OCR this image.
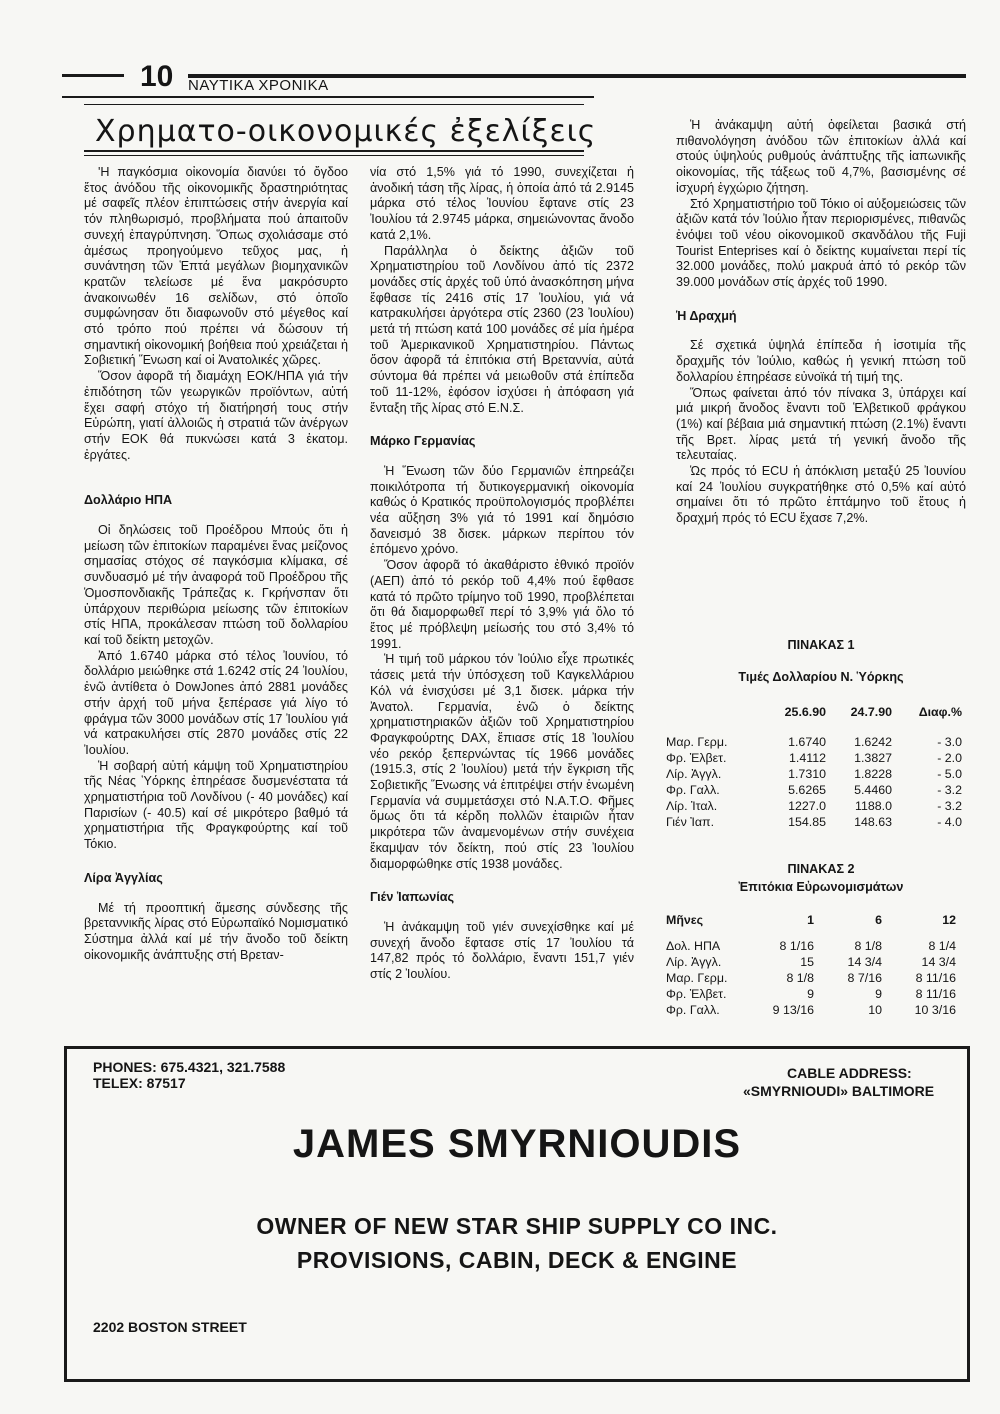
10 ΝΑΥΤΙΚΑ ΧΡΟΝΙΚΑ
Χρηματο-οικονομικές ἐξελίξεις

'Η παγκόσμια οἰκονομία διανύει τό ὄγδοο ἔτος ἀνόδου τῆς οἰκονομικῆς δραστηριότητας μέ σαφεῖς πλέον ἐπιπτώσεις στήν ἀνεργία καί τόν πληθωρισμό, προβλήματα πού ἀπαιτοῦν συνεχή ἐπαγρύπνηση. Ὅπως σχολιάσαμε στό ἀμέσως προηγούμενο τεῦχος μας, ἡ συνάντηση τῶν Ἑπτά μεγάλων βιομηχανικῶν κρατῶν τελείωσε μέ ἕνα μακρόσυρτο ἀνακοινωθέν 16 σελίδων, στό ὁποῖο συμφώνησαν ὅτι διαφωνοῦν στό μέγεθος καί στό τρόπο πού πρέπει νά δώσουν τή σημαντική οἰκονομική βοήθεια πού χρειάζεται ἡ Σοβιετική Ἕνωση καί οἱ Ἀνατολικές χῶρες.

Ὅσον ἀφορᾶ τή διαμάχη ΕΟΚ/ΗΠΑ γιά τήν ἐπιδότηση τῶν γεωργικῶν προϊόντων, αὐτή ἔχει σαφή στόχο τή διατήρησή τους στήν Εὐρώπη, γιατί ἀλλοιῶς ἡ στρατιά τῶν ἀνέργων στήν ΕΟΚ θά πυκνώσει κατά 3 ἑκατομ. ἐργάτες.

Δολλάριο ΗΠΑ

Οἱ δηλώσεις τοῦ Προέδρου Μπούς ὅτι ἡ μείωση τῶν ἐπιτοκίων παραμένει ἕνας μείζονος σημασίας στόχος σέ παγκόσμια κλίμακα, σέ συνδυασμό μέ τήν ἀναφορά τοῦ Προέδρου τῆς Ὁμοσπονδιακῆς Τράπεζας κ. Γκρήνσπαν ὅτι ὑπάρχουν περιθώρια μείωσης τῶν ἐπιτοκίων στίς ΗΠΑ, προκάλεσαν πτώση τοῦ δολλαρίου καί τοῦ δείκτη μετοχῶν.

Ἀπό 1.6740 μάρκα στό τέλος Ἰουνίου, τό δολλάριο μειώθηκε στά 1.6242 στίς 24 Ἰουλίου, ἐνῶ ἀντίθετα ὁ DowJones ἀπό 2881 μονάδες στήν ἀρχή τοῦ μήνα ξεπέρασε γιά λίγο τό φράγμα τῶν 3000 μονάδων στίς 17 Ἰουλίου γιά νά κατρακυλήσει στίς 2870 μονάδες στίς 22 Ἰουλίου.

Ἡ σοβαρή αὐτή κάμψη τοῦ Χρηματιστηρίου τῆς Νέας Ὑόρκης ἐπηρέασε δυσμενέστατα τά χρηματιστήρια τοῦ Λονδίνου (- 40 μονάδες) καί Παρισίων (- 40.5) καί σέ μικρότερο βαθμό τά χρηματιστήρια τῆς Φραγκφούρτης καί τοῦ Τόκιο.

Λίρα Ἀγγλίας

Μέ τή προοπτική ἄμεσης σύνδεσης τῆς βρεταννικῆς λίρας στό Εὐρωπαϊκό Νομισματικό Σύστημα ἀλλά καί μέ τήν ἄνοδο τοῦ δείκτη οἰκονομικῆς ἀνάπτυξης στή Βρεταν-

νία στό 1,5% γιά τό 1990, συνεχίζεται ἡ ἀνοδική τάση τῆς λίρας, ἡ ὁποία ἀπό τά 2.9145 μάρκα στό τέλος Ἰουνίου ἔφτανε στίς 23 Ἰουλίου τά 2.9745 μάρκα, σημειώνοντας ἄνοδο κατά 2,1%.

Παράλληλα ὁ δείκτης ἀξιῶν τοῦ Χρηματιστηρίου τοῦ Λονδίνου ἀπό τίς 2372 μονάδες στίς ἀρχές τοῦ ὑπό ἀνασκόπηση μήνα ἔφθασε τίς 2416 στίς 17 Ἰουλίου, γιά νά κατρακυλήσει ἀργότερα στίς 2360 (23 Ἰουλίου) μετά τή πτώση κατά 100 μονάδες σέ μία ἡμέρα τοῦ Ἀμερικανικοῦ Χρηματιστηρίου. Πάντως ὅσον ἀφορᾶ τά ἐπιτόκια στή Βρεταννία, αὐτά σύντομα θά πρέπει νά μειωθοῦν στά ἐπίπεδα τοῦ 11-12%, ἐφόσον ἰσχύσει ἡ ἀπόφαση γιά ἔνταξη τῆς λίρας στό Ε.Ν.Σ.

Μάρκο Γερμανίας

Ἡ Ἕνωση τῶν δύο Γερμανιῶν ἐπηρεάζει ποικιλότροπα τή δυτικογερμανική οἰκονομία καθώς ὁ Κρατικός προϋπολογισμός προβλέπει νέα αὔξηση 3% γιά τό 1991 καί δημόσιο δανεισμό 38 δισεκ. μάρκων περίπου τόν ἑπόμενο χρόνο.

Ὅσον ἀφορᾶ τό ἀκαθάριστο ἐθνικό προϊόν (ΑΕΠ) ἀπό τό ρεκόρ τοῦ 4,4% πού ἔφθασε κατά τό πρῶτο τρίμηνο τοῦ 1990, προβλέπεται ὅτι θά διαμορφωθεῖ περί τό 3,9% γιά ὅλο τό ἔτος μέ πρόβλεψη μείωσής του στό 3,4% τό 1991.

Ἡ τιμή τοῦ μάρκου τόν Ἰούλιο εἶχε πρωτικές τάσεις μετά τήν ὑπόσχεση τοῦ Καγκελλάριου Κόλ νά ἐνισχύσει μέ 3,1 δισεκ. μάρκα τήν Ἀνατολ. Γερμανία, ἐνῶ ὁ δείκτης χρηματιστηριακῶν ἀξιῶν τοῦ Χρηματιστηρίου Φραγκφούρτης DAX, ἔπιασε στίς 18 Ἰουλίου νέο ρεκόρ ξεπερνώντας τίς 1966 μονάδες (1915.3, στίς 2 Ἰουλίου) μετά τήν ἔγκριση τῆς Σοβιετικῆς Ἕνωσης νά ἐπιτρέψει στήν ἑνωμένη Γερμανία νά συμμετάσχει στό Ν.Α.Τ.Ο. Φῆμες ὅμως ὅτι τά κέρδη πολλῶν ἑταιριῶν ἦταν μικρότερα τῶν ἀναμενομένων στήν συνέχεια ἔκαμψαν τόν δείκτη, πού στίς 23 Ἰουλίου διαμορφώθηκε στίς 1938 μονάδες.

Γιέν Ἰαπωνίας

Ἡ ἀνάκαμψη τοῦ γιέν συνεχίσθηκε καί μέ συνεχή ἄνοδο ἔφτασε στίς 17 Ἰουλίου τά 147,82 πρός τό δολλάριο, ἔναντι 151,7 γιέν στίς 2 Ἰουλίου.

Ἡ ἀνάκαμψη αὐτή ὀφείλεται βασικά στή πιθανολόγηση ἀνόδου τῶν ἐπιτοκίων ἀλλά καί στούς ὑψηλούς ρυθμούς ἀνάπτυξης τῆς ἰαπωνικῆς οἰκονομίας, τῆς τάξεως τοῦ 4,7%, βασισμένης σέ ἰσχυρή ἐγχώριο ζήτηση.

Στό Χρηματιστήριο τοῦ Τόκιο οἱ αὐξομειώσεις τῶν ἀξιῶν κατά τόν Ἰούλιο ἦταν περιορισμένες, πιθανῶς ἐνόψει τοῦ νέου οἰκονομικοῦ σκανδάλου τῆς Fuji Tourist Enteprises καί ὁ δείκτης κυμαίνεται περί τίς 32.000 μονάδες, πολύ μακρυά ἀπό τό ρεκόρ τῶν 39.000 μονάδων στίς ἀρχές τοῦ 1990.

Ἡ Δραχμή

Σέ σχετικά ὑψηλά ἐπίπεδα ἡ ἰσοτιμία τῆς δραχμῆς τόν Ἰούλιο, καθώς ἡ γενική πτώση τοῦ δολλαρίου ἐπηρέασε εὐνοϊκά τή τιμή της.

Ὅπως φαίνεται ἀπό τόν πίνακα 3, ὑπάρχει καί μιά μικρή ἄνοδος ἔναντι τοῦ Ἑλβετικοῦ φράγκου (1%) καί βέβαια μιά σημαντική πτώση (2.1%) ἔναντι τῆς Βρετ. λίρας μετά τή γενική ἄνοδο τῆς τελευταίας.

Ὡς πρός τό ECU ἡ ἀπόκλιση μεταξύ 25 Ἰουνίου καί 24 Ἰουλίου συγκρατήθηκε στό 0,5% καί αὐτό σημαίνει ὅτι τό πρῶτο ἑπτάμηνο τοῦ ἔτους ἡ δραχμή πρός τό ECU ἔχασε 7,2%.

ΠΙΝΑΚΑΣ 1
Τιμές Δολλαρίου Ν. Ὑόρκης
	25.6.90	24.7.90	Διαφ.%

Μαρ. Γερμ.	1.6740	1.6242	- 3.0
Φρ. Ἑλβετ.	1.4112	1.3827	- 2.0
Λίρ. Ἀγγλ.	1.7310	1.8228	- 5.0
Φρ. Γαλλ.	5.6265	5.4460	- 3.2
Λίρ. Ἰταλ.	1227.0	1188.0	- 3.2
Γιέν Ἰαπ.	154.85	148.63	- 4.0
ΠΙΝΑΚΑΣ 2
Ἐπιτόκια Εὐρωνομισμάτων
Μῆνες	1	6	12

Δολ. ΗΠΑ	8 1/16	8 1/8	8 1/4
Λίρ. Ἀγγλ.	15	14 3/4	14 3/4
Μαρ. Γερμ.	8 1/8	8 7/16	8 11/16
Φρ. Ἑλβετ.	9	9	8 11/16
Φρ. Γαλλ.	9 13/16	10	10 3/16
PHONES: 675.4321, 321.7588
TELEX: 87517
CABLE ADDRESS:
«SMYRNIOUDI» BALTIMORE
JAMES SMYRNIOUDIS
OWNER OF NEW STAR SHIP SUPPLY CO INC.
PROVISIONS, CABIN, DECK & ENGINE
2202 BOSTON STREET
